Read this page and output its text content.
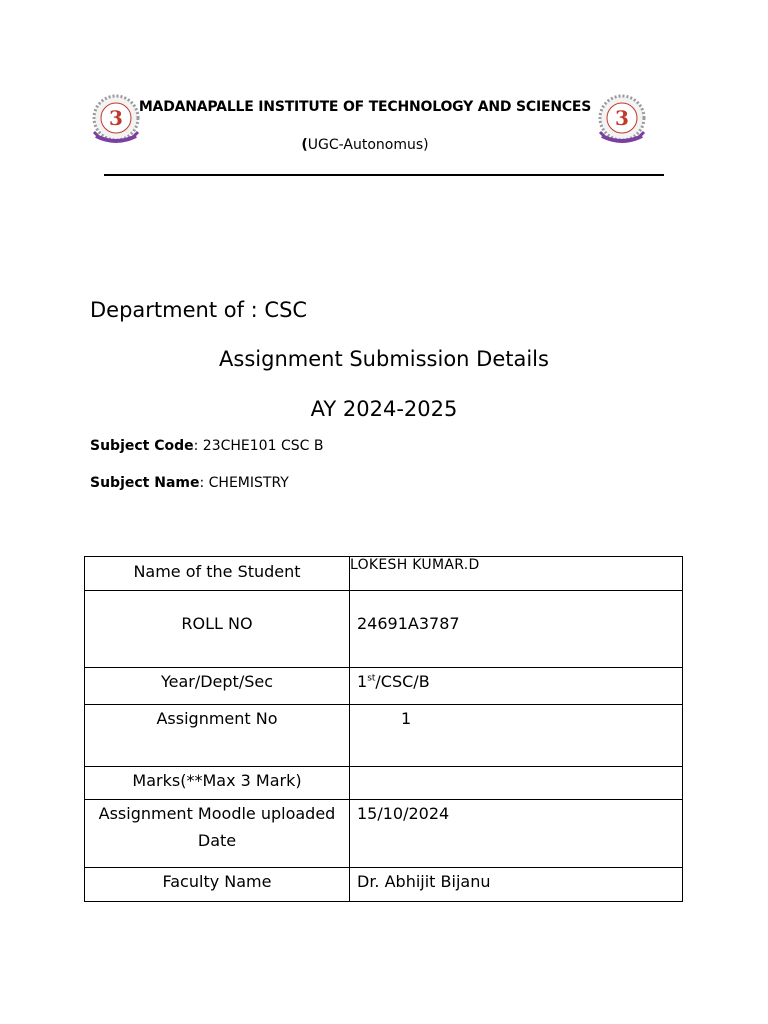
3	3
MADANAPALLE INSTITUTE OF TECHNOLOGY AND SCIENCES
(UGC-Autonomus)
Department of : CSC
Assignment Submission Details
AY 2024-2025
Subject Code: 23CHE101 CSC B
Subject Name: CHEMISTRY
Name of the Student	LOKESH KUMAR.D

ROLL NO	24691A3787

Year/Dept/Sec	1st/CSC/B

Assignment No	1

Marks(**Max 3 Mark)	

Assignment Moodle uploaded Date	15/10/2024

Faculty Name	Dr. Abhijit Bijanu
